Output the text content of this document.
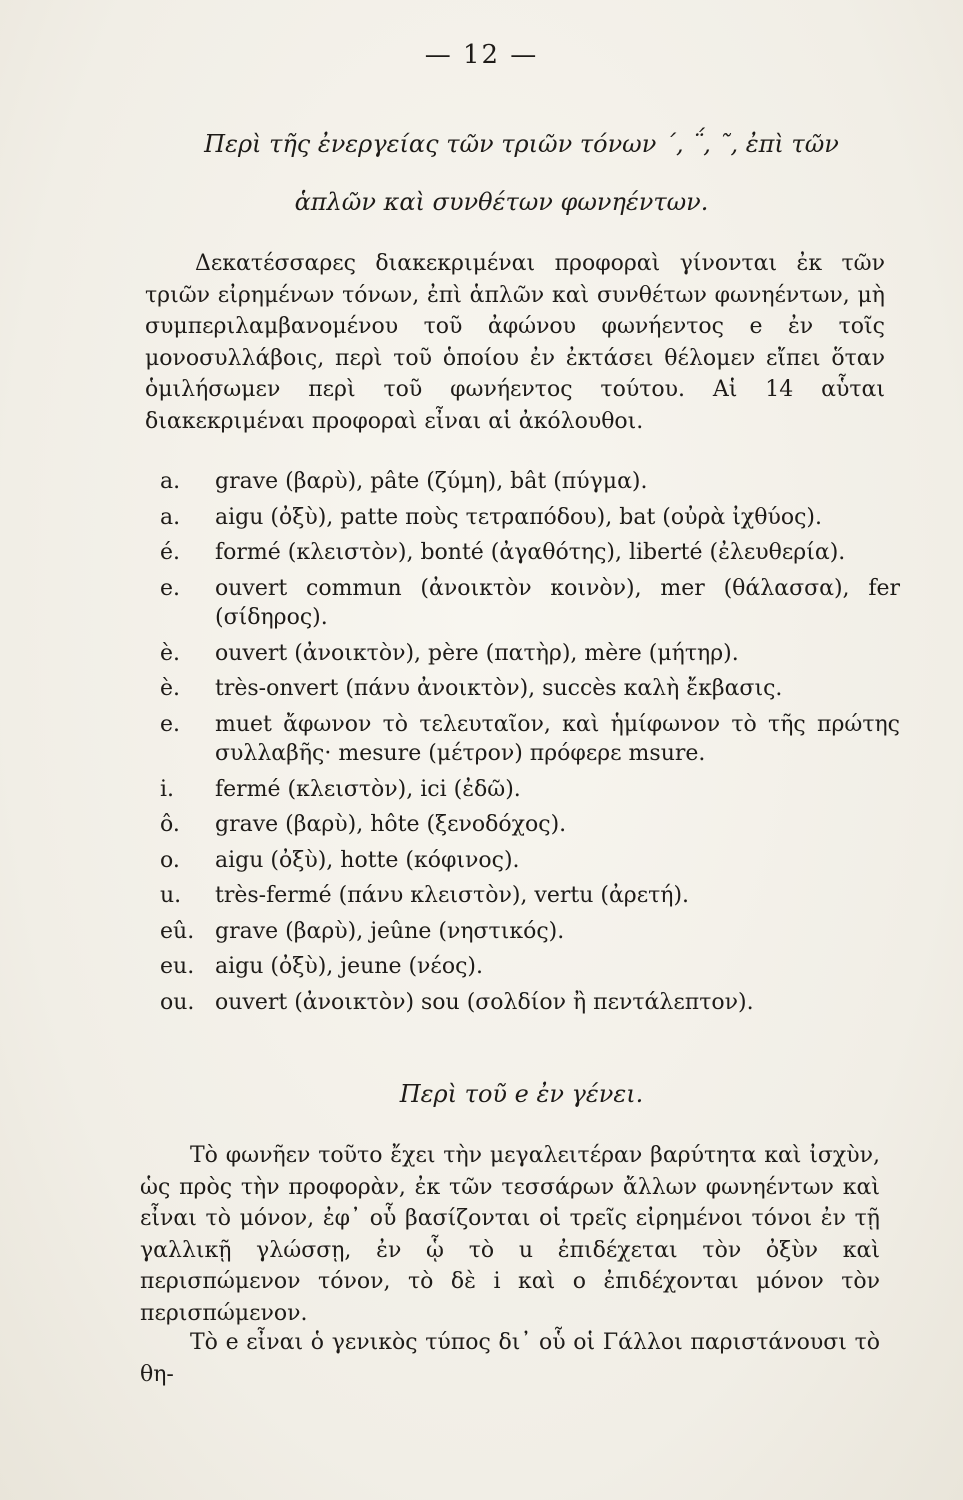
— 12 —
Περὶ τῆς ἐνεργείας τῶν τριῶν τόνων ΄, ΅, ῀, ἐπὶ τῶν
ἁπλῶν καὶ συνθέτων φωνηέντων.
Δεκατέσσαρες διακεκριμέναι προφοραὶ γίνονται ἐκ τῶν τριῶν εἰρημένων τόνων, ἐπὶ ἁπλῶν καὶ συνθέτων φωνηέντων, μὴ συμπεριλαμβανομένου τοῦ ἀφώνου φωνήεντος e ἐν τοῖς μονοσυλλάβοις, περὶ τοῦ ὁποίου ἐν ἐκτάσει θέλομεν εἴπει ὅταν ὁμιλήσωμεν περὶ τοῦ φωνήεντος τούτου. Αἱ 14 αὗται διακεκριμέναι προφοραὶ εἶναι αἱ ἀκόλουθοι.
a.	grave (βαρὺ), pâte (ζύμη), bât (πύγμα).
a.	aigu (ὀξὺ), patte ποὺς τετραπόδου), bat (οὐρὰ ἰχθύος).
é.	formé (κλειστὸν), bonté (ἀγαθότης), liberté (ἐλευθερία).
e.	ouvert commun (ἀνοικτὸν κοινὸν), mer (θάλασσα), fer (σίδηρος).
è.	ouvert (ἀνοικτὸν), père (πατὴρ), mère (μήτηρ).
è.	très-onvert (πάνυ ἀνοικτὸν), succès καλὴ ἔκβασις.
e.	muet ἄφωνον τὸ τελευταῖον, καὶ ἡμίφωνον τὸ τῆς πρώτης συλλαβῆς· mesure (μέτρον) πρόφερε msure.
i.	fermé (κλειστὸν), ici (ἐδῶ).
ô.	grave (βαρὺ), hôte (ξενοδόχος).
o.	aigu (ὀξὺ), hotte (κόφινος).
u.	très-fermé (πάνυ κλειστὸν), vertu (ἀρετή).
eû. grave (βαρὺ), jeûne (νηστικός).
eu. aigu (ὀξὺ), jeune (νέος).
ou. ouvert (ἀνοικτὸν) sou (σολδίον ἢ πεντάλεπτον).
Περὶ τοῦ e ἐν γένει.
Τὸ φωνῆεν τοῦτο ἔχει τὴν μεγαλειτέραν βαρύτητα καὶ ἰσχὺν, ὡς πρὸς τὴν προφορὰν, ἐκ τῶν τεσσάρων ἄλλων φωνηέντων καὶ εἶναι τὸ μόνον, ἐφ᾽ οὗ βασίζονται οἱ τρεῖς εἰρημένοι τόνοι ἐν τῇ γαλλικῇ γλώσσῃ, ἐν ᾧ τὸ u ἐπιδέχεται τὸν ὀξὺν καὶ περισπώμενον τόνον, τὸ δὲ i καὶ o ἐπιδέχονται μόνον τὸν περισπώμενον.
Τὸ e εἶναι ὁ γενικὸς τύπος δι᾽ οὗ οἱ Γάλλοι παριστάνουσι τὸ θη-
